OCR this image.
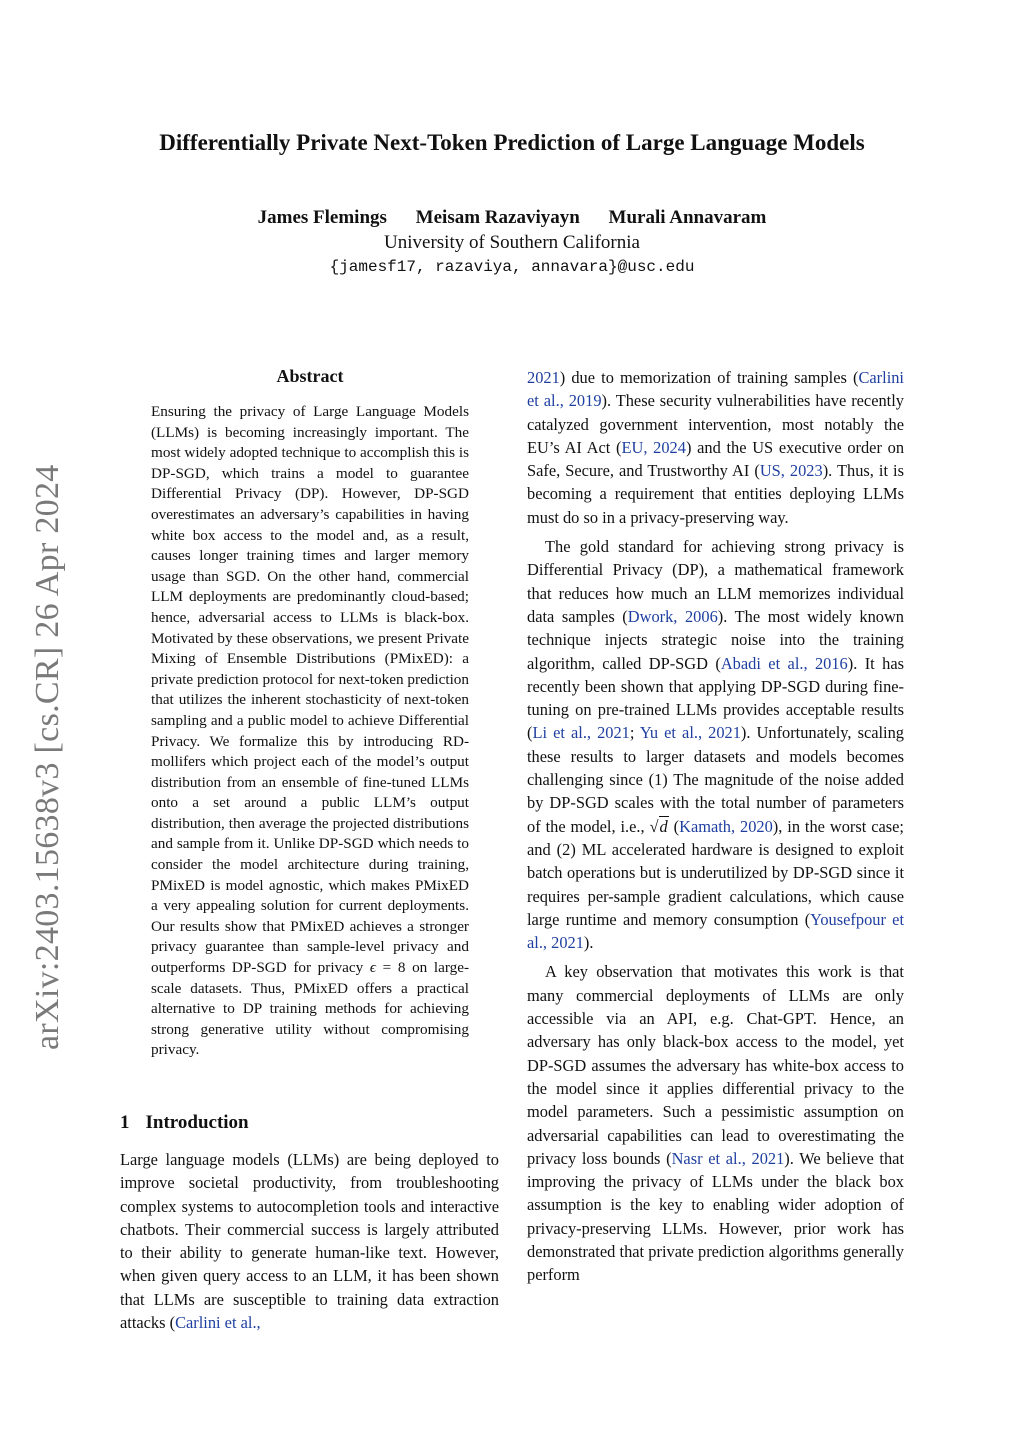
arXiv:2403.15638v3 [cs.CR] 26 Apr 2024
Differentially Private Next-Token Prediction of Large Language Models
James Flemings Meisam Razaviyayn Murali Annavaram
University of Southern California
{jamesf17, razaviya, annavara}@usc.edu
Abstract

Ensuring the privacy of Large Language Models (LLMs) is becoming increasingly important. The most widely adopted technique to accomplish this is DP-SGD, which trains a model to guarantee Differential Privacy (DP). However, DP-SGD overestimates an adversary’s capabilities in having white box access to the model and, as a result, causes longer training times and larger memory usage than SGD. On the other hand, commercial LLM deployments are predominantly cloud-based; hence, adversarial access to LLMs is black-box. Motivated by these observations, we present Private Mixing of Ensemble Distributions (PMixED): a private prediction protocol for next-token prediction that utilizes the inherent stochasticity of next-token sampling and a public model to achieve Differential Privacy. We formalize this by introducing RD-mollifers which project each of the model’s output distribution from an ensemble of fine-tuned LLMs onto a set around a public LLM’s output distribution, then average the projected distributions and sample from it. Unlike DP-SGD which needs to consider the model architecture during training, PMixED is model agnostic, which makes PMixED a very appealing solution for current deployments. Our results show that PMixED achieves a stronger privacy guarantee than sample-level privacy and outperforms DP-SGD for privacy ϵ = 8 on large-scale datasets. Thus, PMixED offers a practical alternative to DP training methods for achieving strong generative utility without compromising privacy.

1 Introduction

Large language models (LLMs) are being deployed to improve societal productivity, from troubleshooting complex systems to autocompletion tools and interactive chatbots. Their commercial success is largely attributed to their ability to generate human-like text. However, when given query access to an LLM, it has been shown that LLMs are susceptible to training data extraction attacks (Carlini et al.,

2021) due to memorization of training samples (Carlini et al., 2019). These security vulnerabilities have recently catalyzed government intervention, most notably the EU’s AI Act (EU, 2024) and the US executive order on Safe, Secure, and Trustworthy AI (US, 2023). Thus, it is becoming a requirement that entities deploying LLMs must do so in a privacy-preserving way.

The gold standard for achieving strong privacy is Differential Privacy (DP), a mathematical framework that reduces how much an LLM memorizes individual data samples (Dwork, 2006). The most widely known technique injects strategic noise into the training algorithm, called DP-SGD (Abadi et al., 2016). It has recently been shown that applying DP-SGD during fine-tuning on pre-trained LLMs provides acceptable results (Li et al., 2021; Yu et al., 2021). Unfortunately, scaling these results to larger datasets and models becomes challenging since (1) The magnitude of the noise added by DP-SGD scales with the total number of parameters of the model, i.e., √d (Kamath, 2020), in the worst case; and (2) ML accelerated hardware is designed to exploit batch operations but is underutilized by DP-SGD since it requires per-sample gradient calculations, which cause large runtime and memory consumption (Yousefpour et al., 2021).

A key observation that motivates this work is that many commercial deployments of LLMs are only accessible via an API, e.g. Chat-GPT. Hence, an adversary has only black-box access to the model, yet DP-SGD assumes the adversary has white-box access to the model since it applies differential privacy to the model parameters. Such a pessimistic assumption on adversarial capabilities can lead to overestimating the privacy loss bounds (Nasr et al., 2021). We believe that improving the privacy of LLMs under the black box assumption is the key to enabling wider adoption of privacy-preserving LLMs. However, prior work has demonstrated that private prediction algorithms generally perform
